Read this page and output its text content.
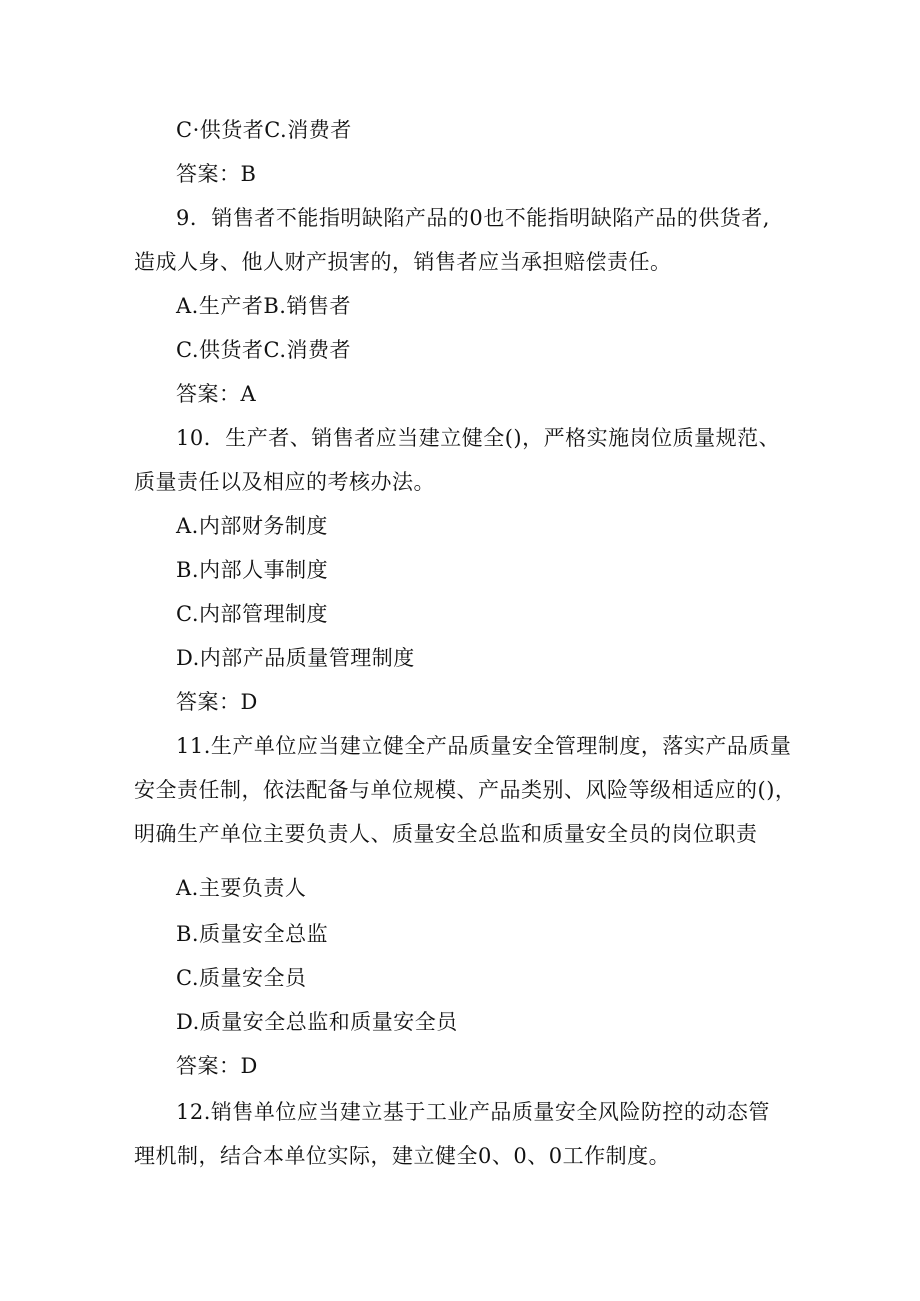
C·供货者C.消费者
答案：B
9．销售者不能指明缺陷产品的0也不能指明缺陷产品的供货者,
造成人身、他人财产损害的，销售者应当承担赔偿责任。
A.生产者B.销售者
C.供货者C.消费者
答案：A
10．生产者、销售者应当建立健全()，严格实施岗位质量规范、
质量责任以及相应的考核办法。
A.内部财务制度
B.内部人事制度
C.内部管理制度
D.内部产品质量管理制度
答案：D
11.生产单位应当建立健全产品质量安全管理制度，落实产品质量
安全责任制，依法配备与单位规模、产品类别、风险等级相适应的()，
明确生产单位主要负责人、质量安全总监和质量安全员的岗位职责
A.主要负责人
B.质量安全总监
C.质量安全员
D.质量安全总监和质量安全员
答案：D
12.销售单位应当建立基于工业产品质量安全风险防控的动态管
理机制，结合本单位实际，建立健全0、0、0工作制度。
